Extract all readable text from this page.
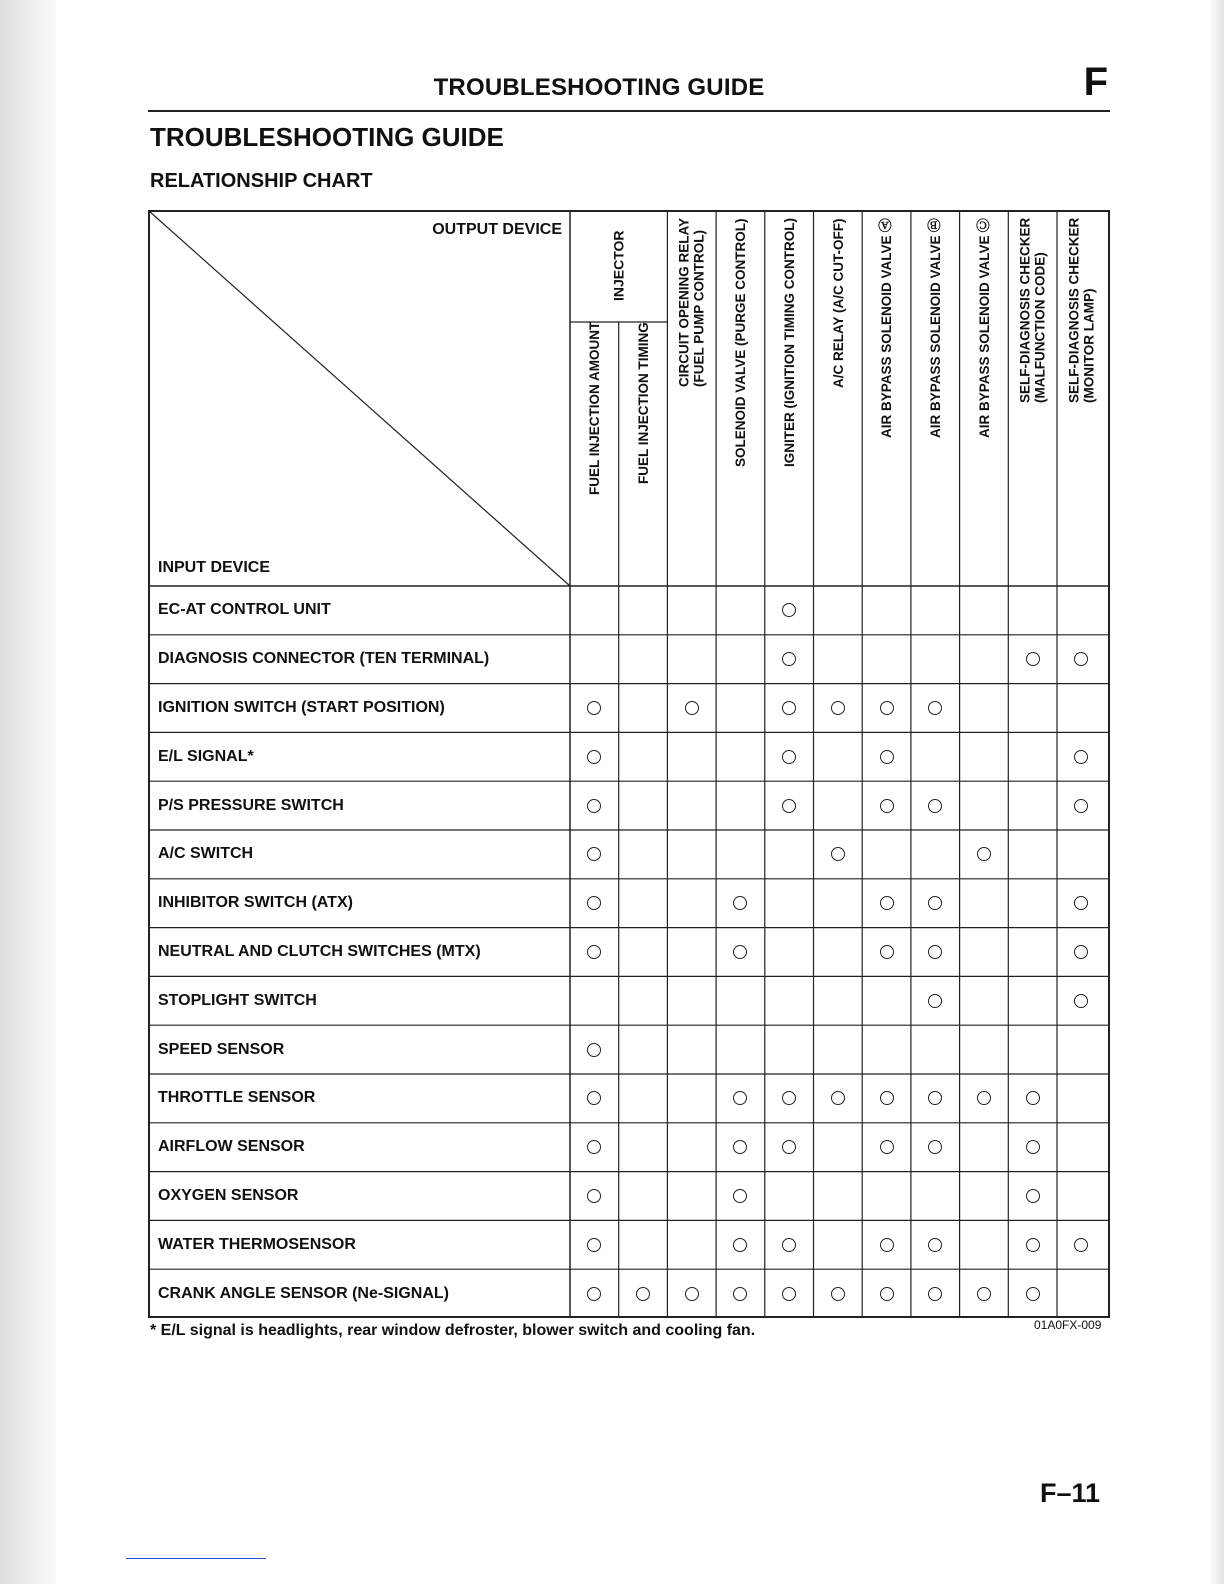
TROUBLESHOOTING GUIDE	F
TROUBLESHOOTING GUIDE
RELATIONSHIP CHART
OUTPUT DEVICE
INPUT DEVICE
INJECTOR
FUEL INJECTION AMOUNT FUEL INJECTION TIMING CIRCUIT OPENING RELAY
(FUEL PUMP CONTROL) SOLENOID VALVE (PURGE CONTROL) IGNITER (IGNITION TIMING CONTROL) A/C RELAY (A/C CUT-OFF) AIR BYPASS SOLENOID VALVE Ⓐ AIR BYPASS SOLENOID VALVE Ⓑ AIR BYPASS SOLENOID VALVE Ⓒ SELF-DIAGNOSIS CHECKER
(MALFUNCTION CODE)
SELF-DIAGNOSIS CHECKER
(MONITOR LAMP)
EC-AT CONTROL UNIT
DIAGNOSIS CONNECTOR (TEN TERMINAL)
IGNITION SWITCH (START POSITION)
E/L SIGNAL*
P/S PRESSURE SWITCH
A/C SWITCH
INHIBITOR SWITCH (ATX)
NEUTRAL AND CLUTCH SWITCHES (MTX)
STOPLIGHT SWITCH
SPEED SENSOR
THROTTLE SENSOR
AIRFLOW SENSOR
OXYGEN SENSOR
WATER THERMOSENSOR
CRANK ANGLE SENSOR (Ne-SIGNAL)
* E/L signal is headlights, rear window defroster, blower switch and cooling fan.	01A0FX-009
F–11
